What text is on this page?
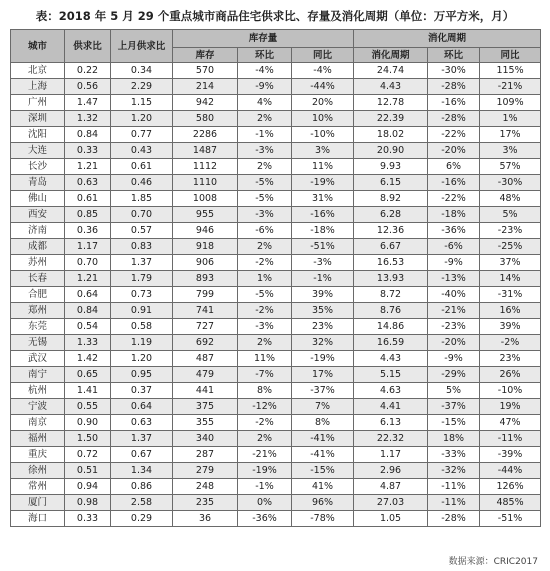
表：2018 年 5 月 29 个重点城市商品住宅供求比、存量及消化周期（单位：万平方米，月）
城市	供求比	上月供求比	库存量			消化周期		
			库存	环比	同比	消化周期	环比	同比
北京	0.22	0.34	570	-4%	-4%	24.74	-30%	115%
上海	0.56	2.29	214	-9%	-44%	4.43	-28%	-21%
广州	1.47	1.15	942	4%	20%	12.78	-16%	109%
深圳	1.32	1.20	580	2%	10%	22.39	-28%	1%
沈阳	0.84	0.77	2286	-1%	-10%	18.02	-22%	17%
大连	0.33	0.43	1487	-3%	3%	20.90	-20%	3%
长沙	1.21	0.61	1112	2%	11%	9.93	6%	57%
青岛	0.63	0.46	1110	-5%	-19%	6.15	-16%	-30%
佛山	0.61	1.85	1008	-5%	31%	8.92	-22%	48%
西安	0.85	0.70	955	-3%	-16%	6.28	-18%	5%
济南	0.36	0.57	946	-6%	-18%	12.36	-36%	-23%
成都	1.17	0.83	918	2%	-51%	6.67	-6%	-25%
苏州	0.70	1.37	906	-2%	-3%	16.53	-9%	37%
长春	1.21	1.79	893	1%	-1%	13.93	-13%	14%
合肥	0.64	0.73	799	-5%	39%	8.72	-40%	-31%
郑州	0.84	0.91	741	-2%	35%	8.76	-21%	16%
东莞	0.54	0.58	727	-3%	23%	14.86	-23%	39%
无锡	1.33	1.19	692	2%	32%	16.59	-20%	-2%
武汉	1.42	1.20	487	11%	-19%	4.43	-9%	23%
南宁	0.65	0.95	479	-7%	17%	5.15	-29%	26%
杭州	1.41	0.37	441	8%	-37%	4.63	5%	-10%
宁波	0.55	0.64	375	-12%	7%	4.41	-37%	19%
南京	0.90	0.63	355	-2%	8%	6.13	-15%	47%
福州	1.50	1.37	340	2%	-41%	22.32	18%	-11%
重庆	0.72	0.67	287	-21%	-41%	1.17	-33%	-39%
徐州	0.51	1.34	279	-19%	-15%	2.96	-32%	-44%
常州	0.94	0.86	248	-1%	41%	4.87	-11%	126%
厦门	0.98	2.58	235	0%	96%	27.03	-11%	485%
海口	0.33	0.29	36	-36%	-78%	1.05	-28%	-51%
数据来源：CRIC2017
